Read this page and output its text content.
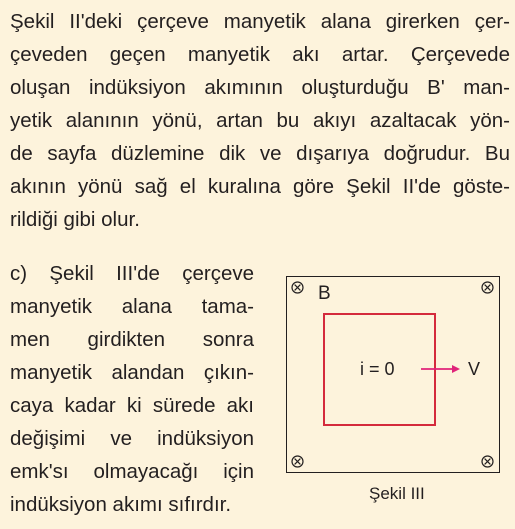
Şekil II'deki çerçeve manyetik alana girerken çer-
çeveden geçen manyetik akı artar. Çerçevede
oluşan indüksiyon akımının oluşturduğu B' man-
yetik alanının yönü, artan bu akıyı azaltacak yön-
de sayfa düzlemine dik ve dışarıya doğrudur. Bu
akının yönü sağ el kuralına göre Şekil II'de göste-
rildiği gibi olur.
c) Şekil III'de çerçeve
manyetik alana tama-
men girdikten sonra
manyetik alandan çıkın-
caya kadar ki sürede akı
değişimi ve indüksiyon
emk'sı olmayacağı için
indüksiyon akımı sıfırdır.
B
i = 0	V
Şekil III
